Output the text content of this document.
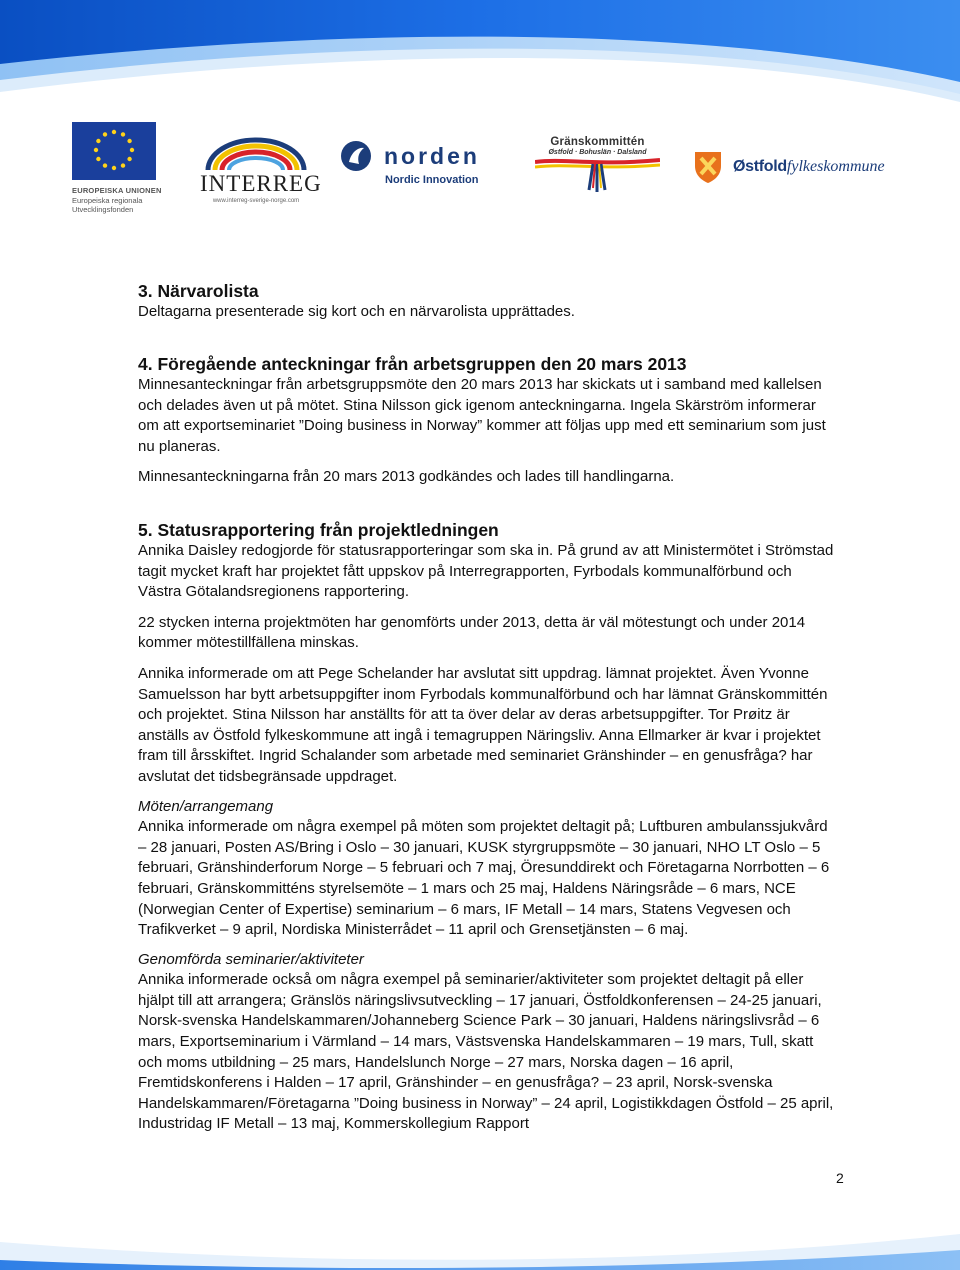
EUROPEISKA UNIONEN
Europeiska regionala
Utvecklingsfonden
INTERREG
www.interreg-sverige-norge.com
norden
Nordic Innovation
Gränskommittén
Østfold · Bohuslän · Dalsland
Østfoldfylkeskommune
3. Närvarolista

Deltagarna presenterade sig kort och en närvarolista upprättades.

4. Föregående anteckningar från arbetsgruppen den 20 mars 2013

Minnesanteckningar från arbetsgruppsmöte den 20 mars 2013 har skickats ut i samband med kallelsen och delades även ut på mötet. Stina Nilsson gick igenom anteckningarna. Ingela Skärström informerar om att exportseminariet ”Doing business in Norway” kommer att följas upp med ett seminarium som just nu planeras.

Minnesanteckningarna från 20 mars 2013 godkändes och lades till handlingarna.

5. Statusrapportering från projektledningen

Annika Daisley redogjorde för statusrapporteringar som ska in. På grund av att Ministermötet i Strömstad tagit mycket kraft har projektet fått uppskov på Interregrapporten, Fyrbodals kommunalförbund och Västra Götalandsregionens rapportering.

22 stycken interna projektmöten har genomförts under 2013, detta är väl mötestungt och under 2014 kommer mötestillfällena minskas.

Annika informerade om att Pege Schelander har avslutat sitt uppdrag. lämnat projektet. Även Yvonne Samuelsson har bytt arbetsuppgifter inom Fyrbodals kommunalförbund och har lämnat Gränskommittén och projektet. Stina Nilsson har anställts för att ta över delar av deras arbetsuppgifter. Tor Prøitz är anställs av Östfold fylkeskommune att ingå i temagruppen Näringsliv. Anna Ellmarker är kvar i projektet fram till årsskiftet. Ingrid Schalander som arbetade med seminariet Gränshinder – en genusfråga? har avslutat det tidsbegränsade uppdraget.

Möten/arrangemang

Annika informerade om några exempel på möten som projektet deltagit på; Luftburen ambulanssjukvård – 28 januari, Posten AS/Bring i Oslo – 30 januari, KUSK styrgruppsmöte – 30 januari, NHO LT Oslo – 5 februari, Gränshinderforum Norge – 5 februari och 7 maj, Öresunddirekt och Företagarna Norrbotten – 6 februari, Gränskommitténs styrelsemöte – 1 mars och 25 maj, Haldens Näringsråde – 6 mars, NCE (Norwegian Center of Expertise) seminarium – 6 mars, IF Metall – 14 mars, Statens Vegvesen och Trafikverket – 9 april, Nordiska Ministerrådet – 11 april och Grensetjänsten – 6 maj.

Genomförda seminarier/aktiviteter

Annika informerade också om några exempel på seminarier/aktiviteter som projektet deltagit på eller hjälpt till att arrangera; Gränslös näringslivsutveckling – 17 januari, Östfoldkonferensen – 24-25 januari, Norsk-svenska Handelskammaren/Johanneberg Science Park – 30 januari, Haldens näringslivsråd – 6 mars, Exportseminarium i Värmland – 14 mars, Västsvenska Handelskammaren – 19 mars, Tull, skatt och moms utbildning – 25 mars, Handelslunch Norge – 27 mars, Norska dagen – 16 april, Fremtidskonferens i Halden – 17 april, Gränshinder – en genusfråga? – 23 april, Norsk-svenska Handelskammaren/Företagarna ”Doing business in Norway” – 24 april, Logistikkdagen Östfold – 25 april, Industridag IF Metall – 13 maj, Kommerskollegium Rapport

2
